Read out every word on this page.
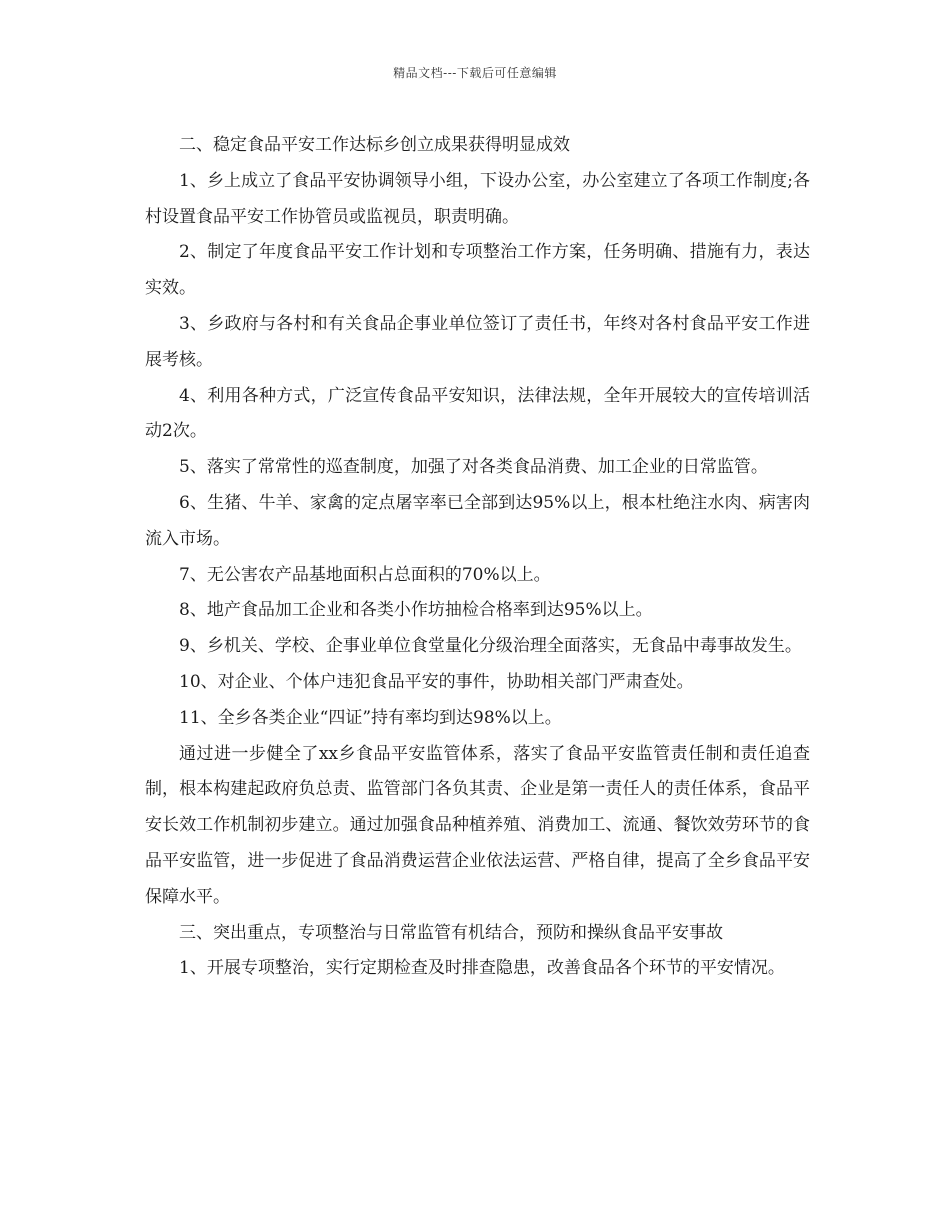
精品文档---下载后可任意编辑

二、稳定食品平安工作达标乡创立成果获得明显成效

1、乡上成立了食品平安协调领导小组，下设办公室，办公室建立了各项工作制度;各村设置食品平安工作协管员或监视员，职责明确。

2、制定了年度食品平安工作计划和专项整治工作方案，任务明确、措施有力，表达实效。

3、乡政府与各村和有关食品企事业单位签订了责任书，年终对各村食品平安工作进展考核。

4、利用各种方式，广泛宣传食品平安知识，法律法规，全年开展较大的宣传培训活动2次。

5、落实了常常性的巡查制度，加强了对各类食品消费、加工企业的日常监管。

6、生猪、牛羊、家禽的定点屠宰率已全部到达95%以上，根本杜绝注水肉、病害肉流入市场。

7、无公害农产品基地面积占总面积的70%以上。

8、地产食品加工企业和各类小作坊抽检合格率到达95%以上。

9、乡机关、学校、企事业单位食堂量化分级治理全面落实，无食品中毒事故发生。

10、对企业、个体户违犯食品平安的事件，协助相关部门严肃查处。

11、全乡各类企业“四证”持有率均到达98%以上。

通过进一步健全了xx乡食品平安监管体系，落实了食品平安监管责任制和责任追查制，根本构建起政府负总责、监管部门各负其责、企业是第一责任人的责任体系，食品平安长效工作机制初步建立。通过加强食品种植养殖、消费加工、流通、餐饮效劳环节的食品平安监管，进一步促进了食品消费运营企业依法运营、严格自律，提高了全乡食品平安保障水平。

三、突出重点，专项整治与日常监管有机结合，预防和操纵食品平安事故

1、开展专项整治，实行定期检查及时排查隐患，改善食品各个环节的平安情况。
